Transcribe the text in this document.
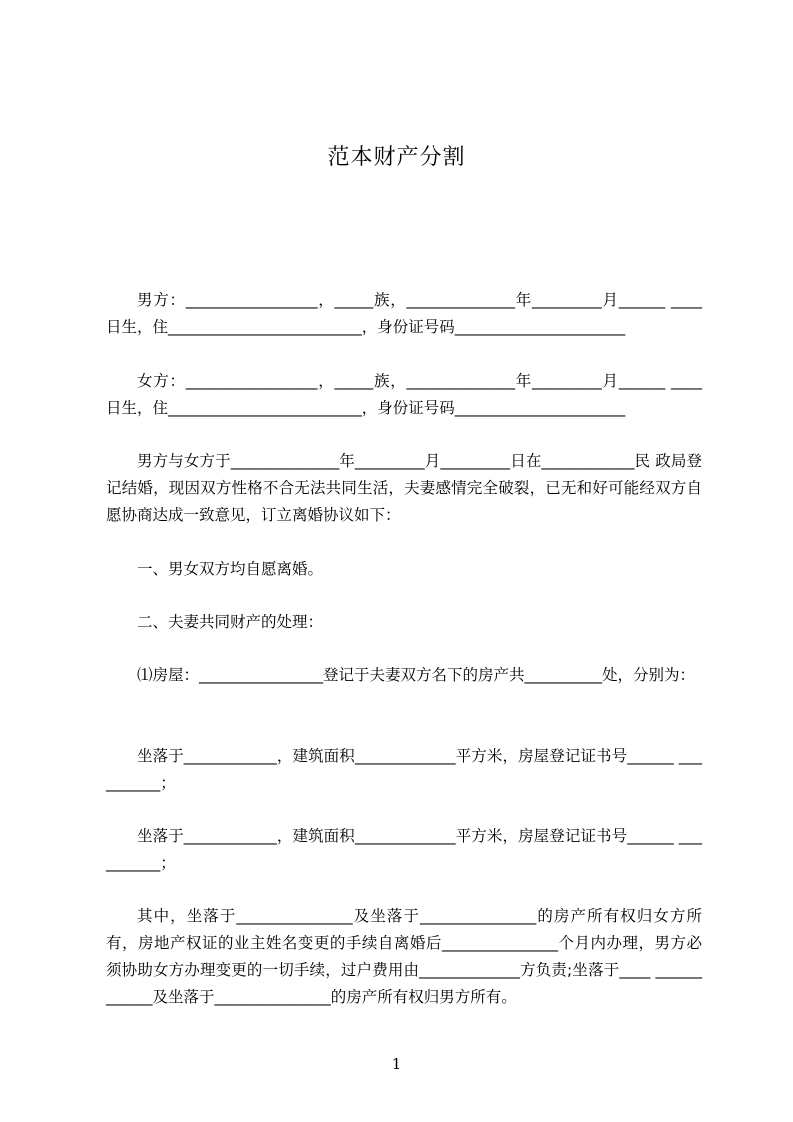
范本财产分割

男方：_________________，_____族，______________年_________月______ ____日生，住_________________________，身份证号码______________________

女方：_________________，_____族，______________年_________月______ ____日生，住_________________________，身份证号码______________________

男方与女方于______________年_________月_________日在____________民 政局登记结婚，现因双方性格不合无法共同生活，夫妻感情完全破裂，已无和好可能经双方自愿协商达成一致意见，订立离婚协议如下：

一、男女双方均自愿离婚。

二、夫妻共同财产的处理：

⑴房屋：________________登记于夫妻双方名下的房产共__________处，分别为：

坐落于____________，建筑面积_____________平方米，房屋登记证书号______ __________；

坐落于____________，建筑面积_____________平方米，房屋登记证书号______ __________；

其中，坐落于_______________及坐落于_______________的房产所有权归女方所有，房地产权证的业主姓名变更的手续自离婚后_______________个月内办理，男方必须协助女方办理变更的一切手续，过户费用由_____________方负责;坐落于____ ____________及坐落于_______________的房产所有权归男方所有。

1
